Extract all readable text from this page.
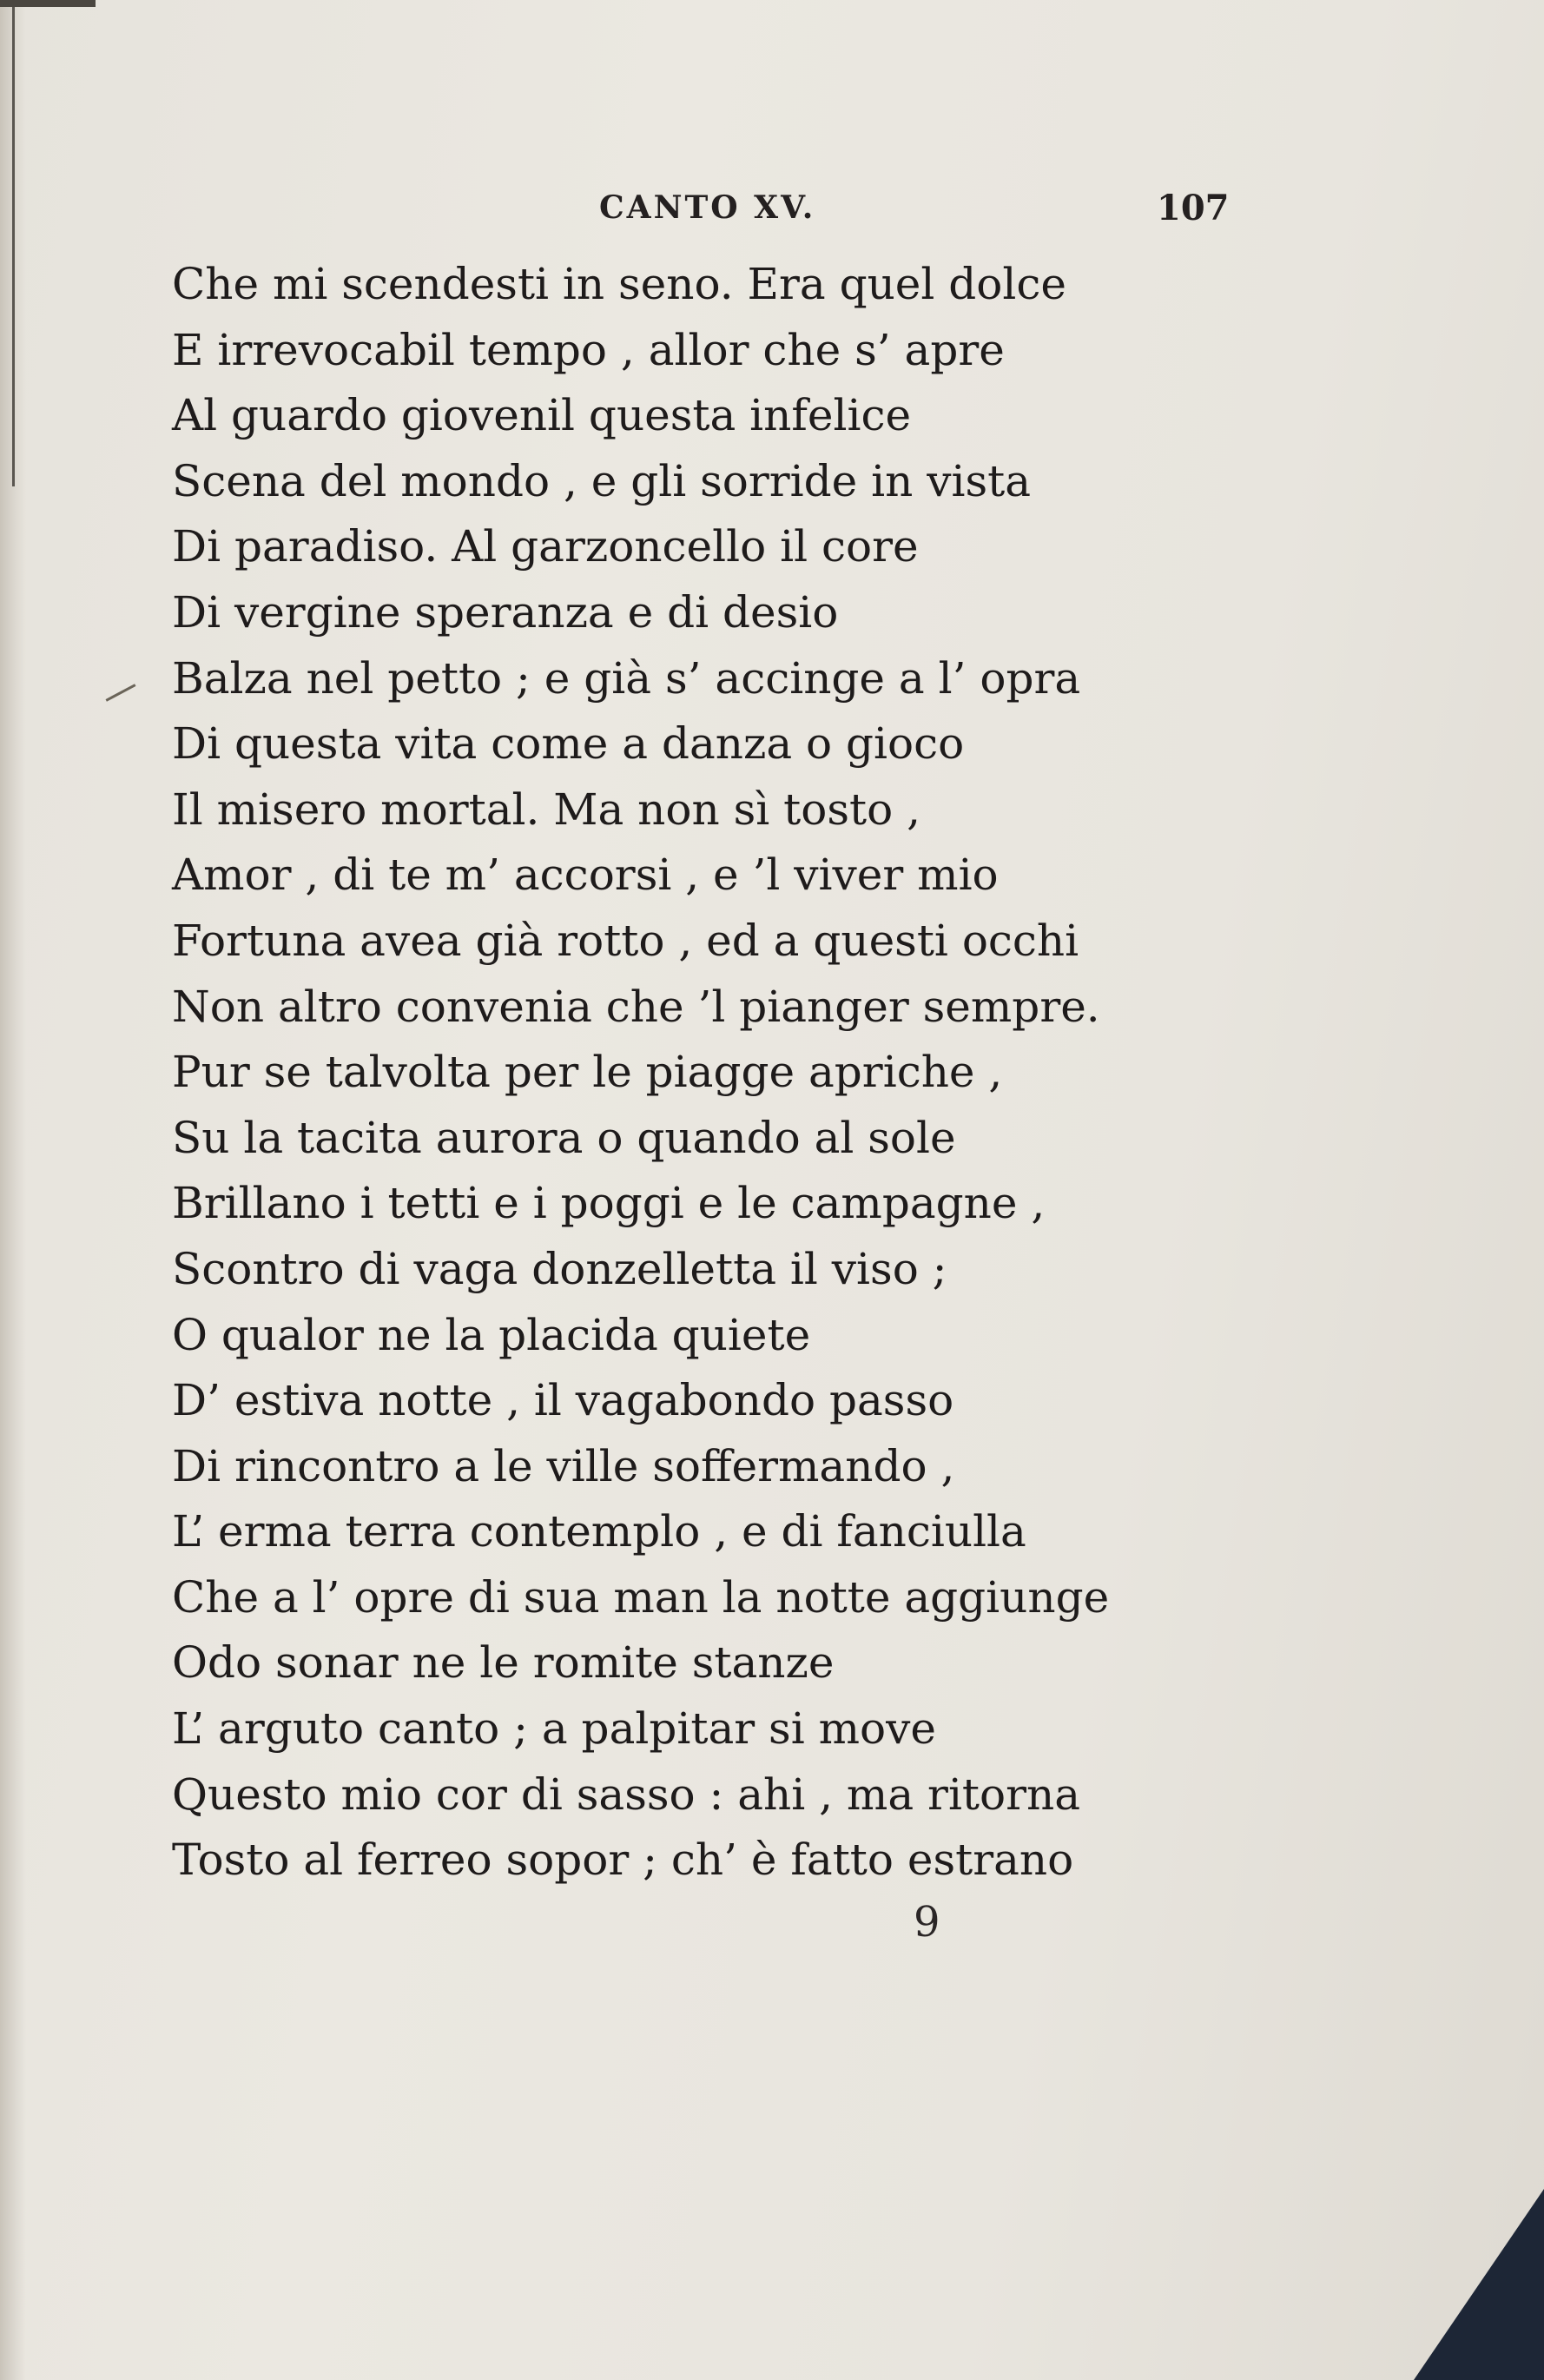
CANTO XV.	107
Che mi scendesti in seno. Era quel dolce
E irrevocabil tempo , allor che s’ apre
Al guardo giovenil questa infelice
Scena del mondo , e gli sorride in vista
Di paradiso. Al garzoncello il core
Di vergine speranza e di desio
Balza nel petto ; e già s’ accinge a l’ opra
Di questa vita come a danza o gioco
Il misero mortal. Ma non sì tosto ,
Amor , di te m’ accorsi , e ’l viver mio
Fortuna avea già rotto , ed a questi occhi
Non altro convenia che ’l pianger sempre.
Pur se talvolta per le piagge apriche ,
Su la tacita aurora o quando al sole
Brillano i tetti e i poggi e le campagne ,
Scontro di vaga donzelletta il viso ;
O qualor ne la placida quiete
D’ estiva notte , il vagabondo passo
Di rincontro a le ville soffermando ,
L’ erma terra contemplo , e di fanciulla
Che a l’ opre di sua man la notte aggiunge
Odo sonar ne le romite stanze
L’ arguto canto ; a palpitar si move
Questo mio cor di sasso : ahi , ma ritorna
Tosto al ferreo sopor ; ch’ è fatto estrano
9
